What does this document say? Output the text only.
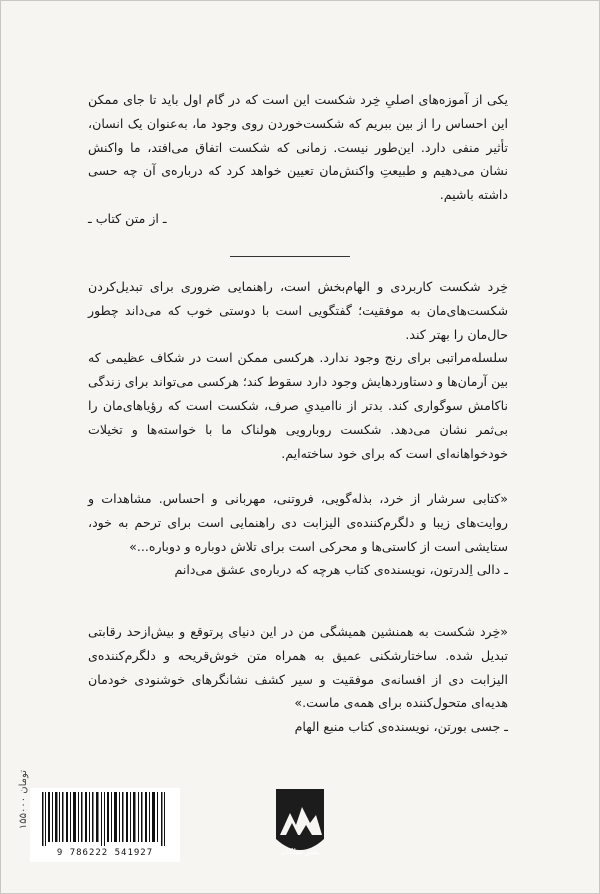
یکی از آموزه‌های اصلیِ خِرد شکست این است که در گام اول باید تا جای ممکن این احساس را از بین ببریم که شکست‌خوردن روی وجود ما، به‌عنوان یک انسان، تأثیر منفی دارد. این‌طور نیست. زمانی که شکست اتفاق می‌افتد، ما واکنش نشان می‌دهیم و طبیعتِ واکنش‌مان تعیین خواهد کرد که درباره‌ی آن چه حسی داشته باشیم.

ـ از متن کتاب ـ

خِرد شکست کاربردی و الهام‌بخش است، راهنمایی ضروری برای تبدیل‌کردن شکست‌های‌مان به موفقیت؛ گفتگویی است با دوستی خوب که می‌داند چطور حال‌مان را بهتر کند.

سلسله‌مراتبی برای رنج وجود ندارد. هرکسی ممکن است در شکاف عظیمی که بین آرمان‌ها و دستاوردهایش وجود دارد سقوط کند؛ هرکسی می‌تواند برای زندگی ناکامش سوگواری کند. بدتر از ناامیدیِ صرف، شکست است که رؤیاهای‌مان را بی‌ثمر نشان می‌دهد. شکست روبارویی هولناک ما با خواسته‌ها و تخیلات خودخواهانه‌ای است که برای خود ساخته‌ایم.

«کتابی سرشار از خرد، بذله‌گویی، فروتنی، مهربانی و احساس. مشاهدات و روایت‌های زیبا و دلگرم‌کننده‌ی الیزابت دی راهنمایی است برای ترحم به خود، ستایشی است از کاستی‌ها و محرکی است برای تلاش دوباره و دوباره...»

ـ دالی اِلدرتون، نویسنده‌ی کتاب هرچه که درباره‌ی عشق می‌دانم

«خِرد شکست به همنشین همیشگی من در این دنیای پرتوقع و بیش‌ازحد رقابتی تبدیل شده. ساختارشکنی عمیق به همراه متن خوش‌قریحه و دلگرم‌کننده‌ی الیزابت دی از افسانه‌ی موفقیت و سیر کشف نشانگرهای خوشنودی خودمان هدیه‌ای متحول‌کننده برای همه‌ی ماست.»

ـ جسی بورتن، نویسنده‌ی کتاب منبع الهام

۱۵۵۰۰۰ تومان
9 786222 541927	نشر میلکان
